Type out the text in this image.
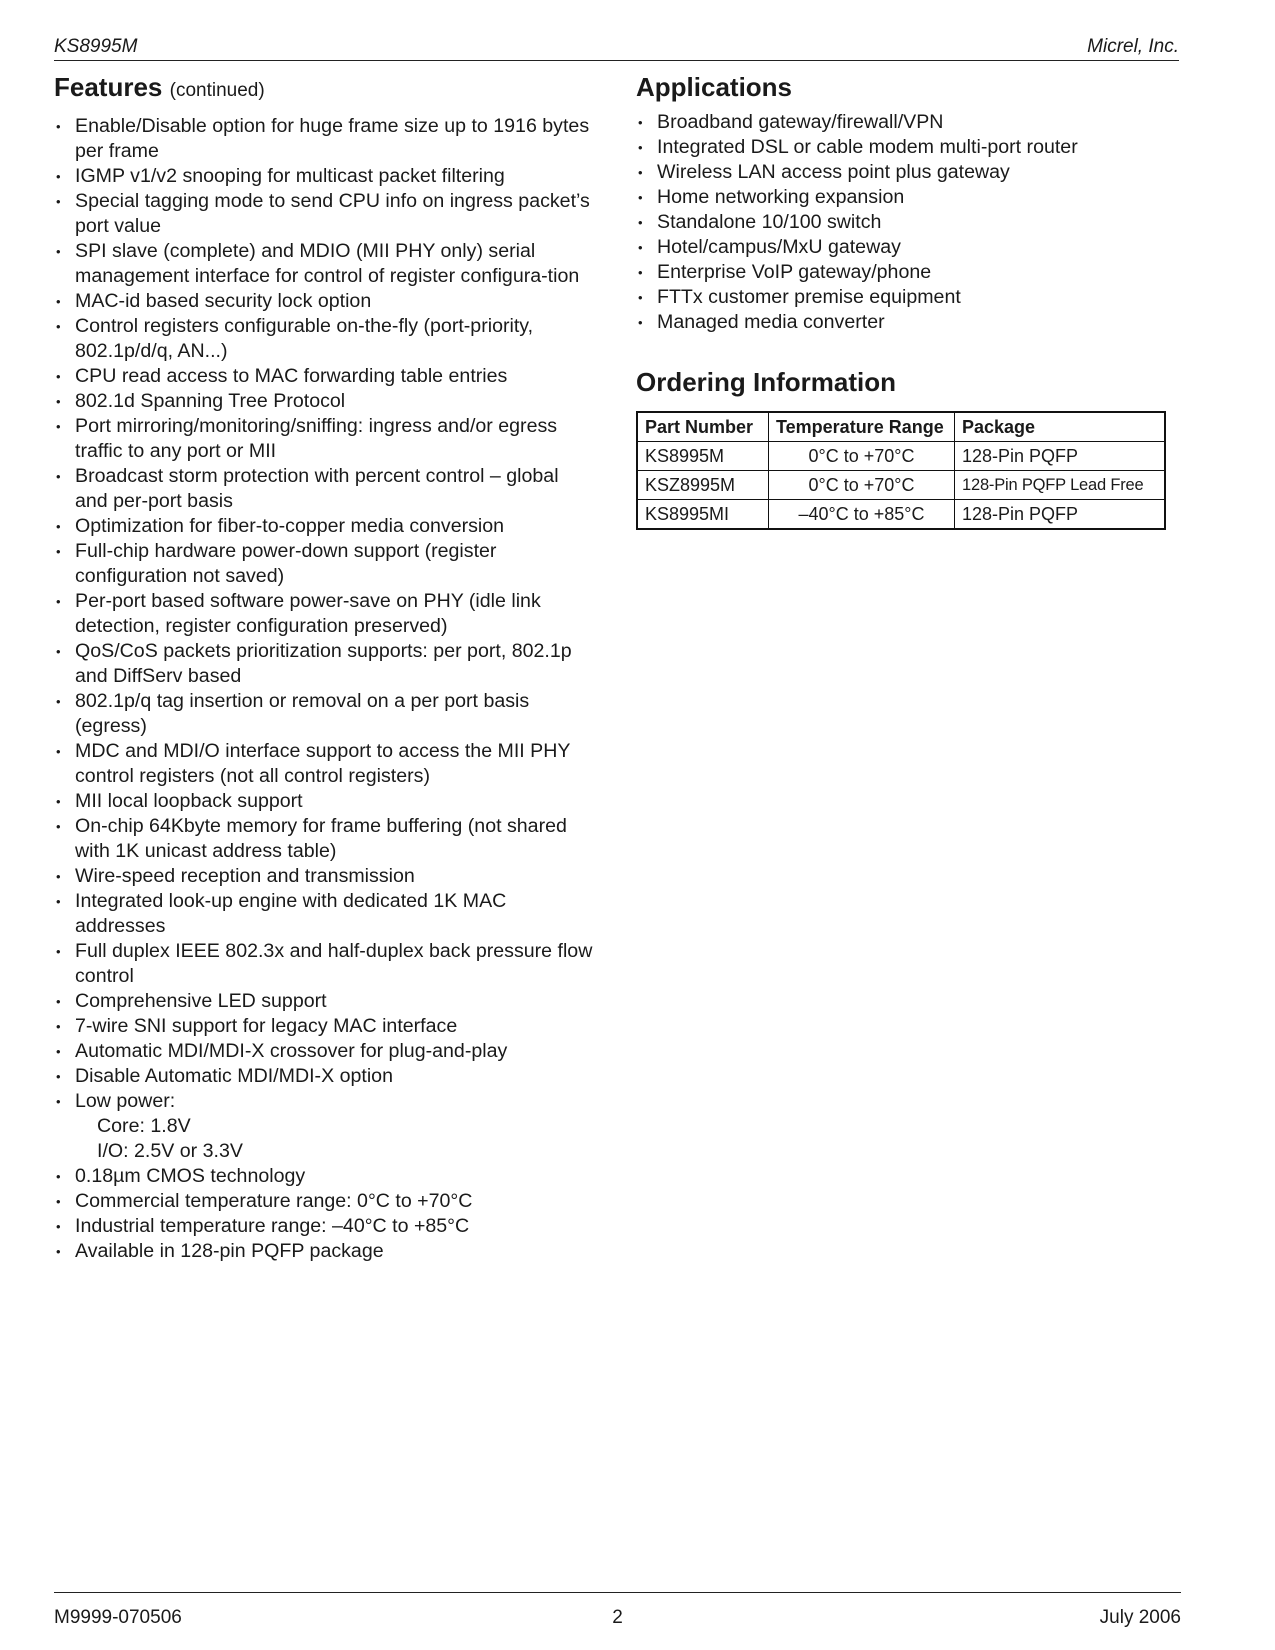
KS8995M	Micrel, Inc.
Features (continued)
• Enable/Disable option for huge frame size up to 1916 bytes per frame
• IGMP v1/v2 snooping for multicast packet filtering
• Special tagging mode to send CPU info on ingress packet’s port value
• SPI slave (complete) and MDIO (MII PHY only) serial management interface for control of register configura-tion
• MAC-id based security lock option
• Control registers configurable on-the-fly (port-priority, 802.1p/d/q, AN...)
• CPU read access to MAC forwarding table entries
• 802.1d Spanning Tree Protocol
• Port mirroring/monitoring/sniffing: ingress and/or egress traffic to any port or MII
• Broadcast storm protection with percent control – global and per-port basis
• Optimization for fiber-to-copper media conversion
• Full-chip hardware power-down support (register configuration not saved)
• Per-port based software power-save on PHY (idle link detection, register configuration preserved)
• QoS/CoS packets prioritization supports: per port, 802.1p and DiffServ based
• 802.1p/q tag insertion or removal on a per port basis (egress)
• MDC and MDI/O interface support to access the MII PHY control registers (not all control registers)
• MII local loopback support
• On-chip 64Kbyte memory for frame buffering (not shared with 1K unicast address table)
• Wire-speed reception and transmission
• Integrated look-up engine with dedicated 1K MAC addresses
• Full duplex IEEE 802.3x and half-duplex back pressure flow control
• Comprehensive LED support
• 7-wire SNI support for legacy MAC interface
• Automatic MDI/MDI-X crossover for plug-and-play
• Disable Automatic MDI/MDI-X option
• Low power:
Core: 1.8V
I/O: 2.5V or 3.3V
• 0.18µm CMOS technology
• Commercial temperature range: 0°C to +70°C
• Industrial temperature range: –40°C to +85°C
• Available in 128-pin PQFP package
Applications
• Broadband gateway/firewall/VPN
• Integrated DSL or cable modem multi-port router
• Wireless LAN access point plus gateway
• Home networking expansion
• Standalone 10/100 switch
• Hotel/campus/MxU gateway
• Enterprise VoIP gateway/phone
• FTTx customer premise equipment
• Managed media converter
Ordering Information
Part Number	Temperature Range	Package
KS8995M	0°C to +70°C	128-Pin PQFP
KSZ8995M	0°C to +70°C	128-Pin PQFP Lead Free
KS8995MI	–40°C to +85°C	128-Pin PQFP
M9999-070506	2	July 2006
